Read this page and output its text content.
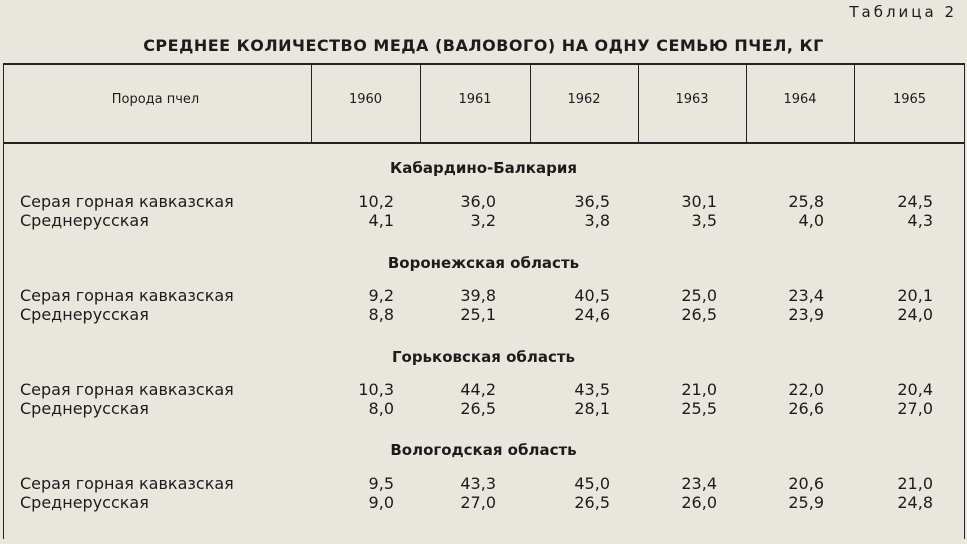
Таблица 2
СРЕДНЕЕ КОЛИЧЕСТВО МЕДА (ВАЛОВОГО) НА ОДНУ СЕМЬЮ ПЧЕЛ, КГ
Порода пчел	1960	1961	1962	1963	1964	1965
Кабардино-Балкария
Серая горная кавказская	10,2	36,0	36,5	30,1	25,8	24,5
Среднерусская	4,1	3,2	3,8	3,5	4,0	4,3
Воронежская область
Серая горная кавказская	9,2	39,8	40,5	25,0	23,4	20,1
Среднерусская	8,8	25,1	24,6	26,5	23,9	24,0
Горьковская область
Серая горная кавказская	10,3	44,2	43,5	21,0	22,0	20,4
Среднерусская	8,0	26,5	28,1	25,5	26,6	27,0
Вологодская область
Серая горная кавказская	9,5	43,3	45,0	23,4	20,6	21,0
Среднерусская	9,0	27,0	26,5	26,0	25,9	24,8
